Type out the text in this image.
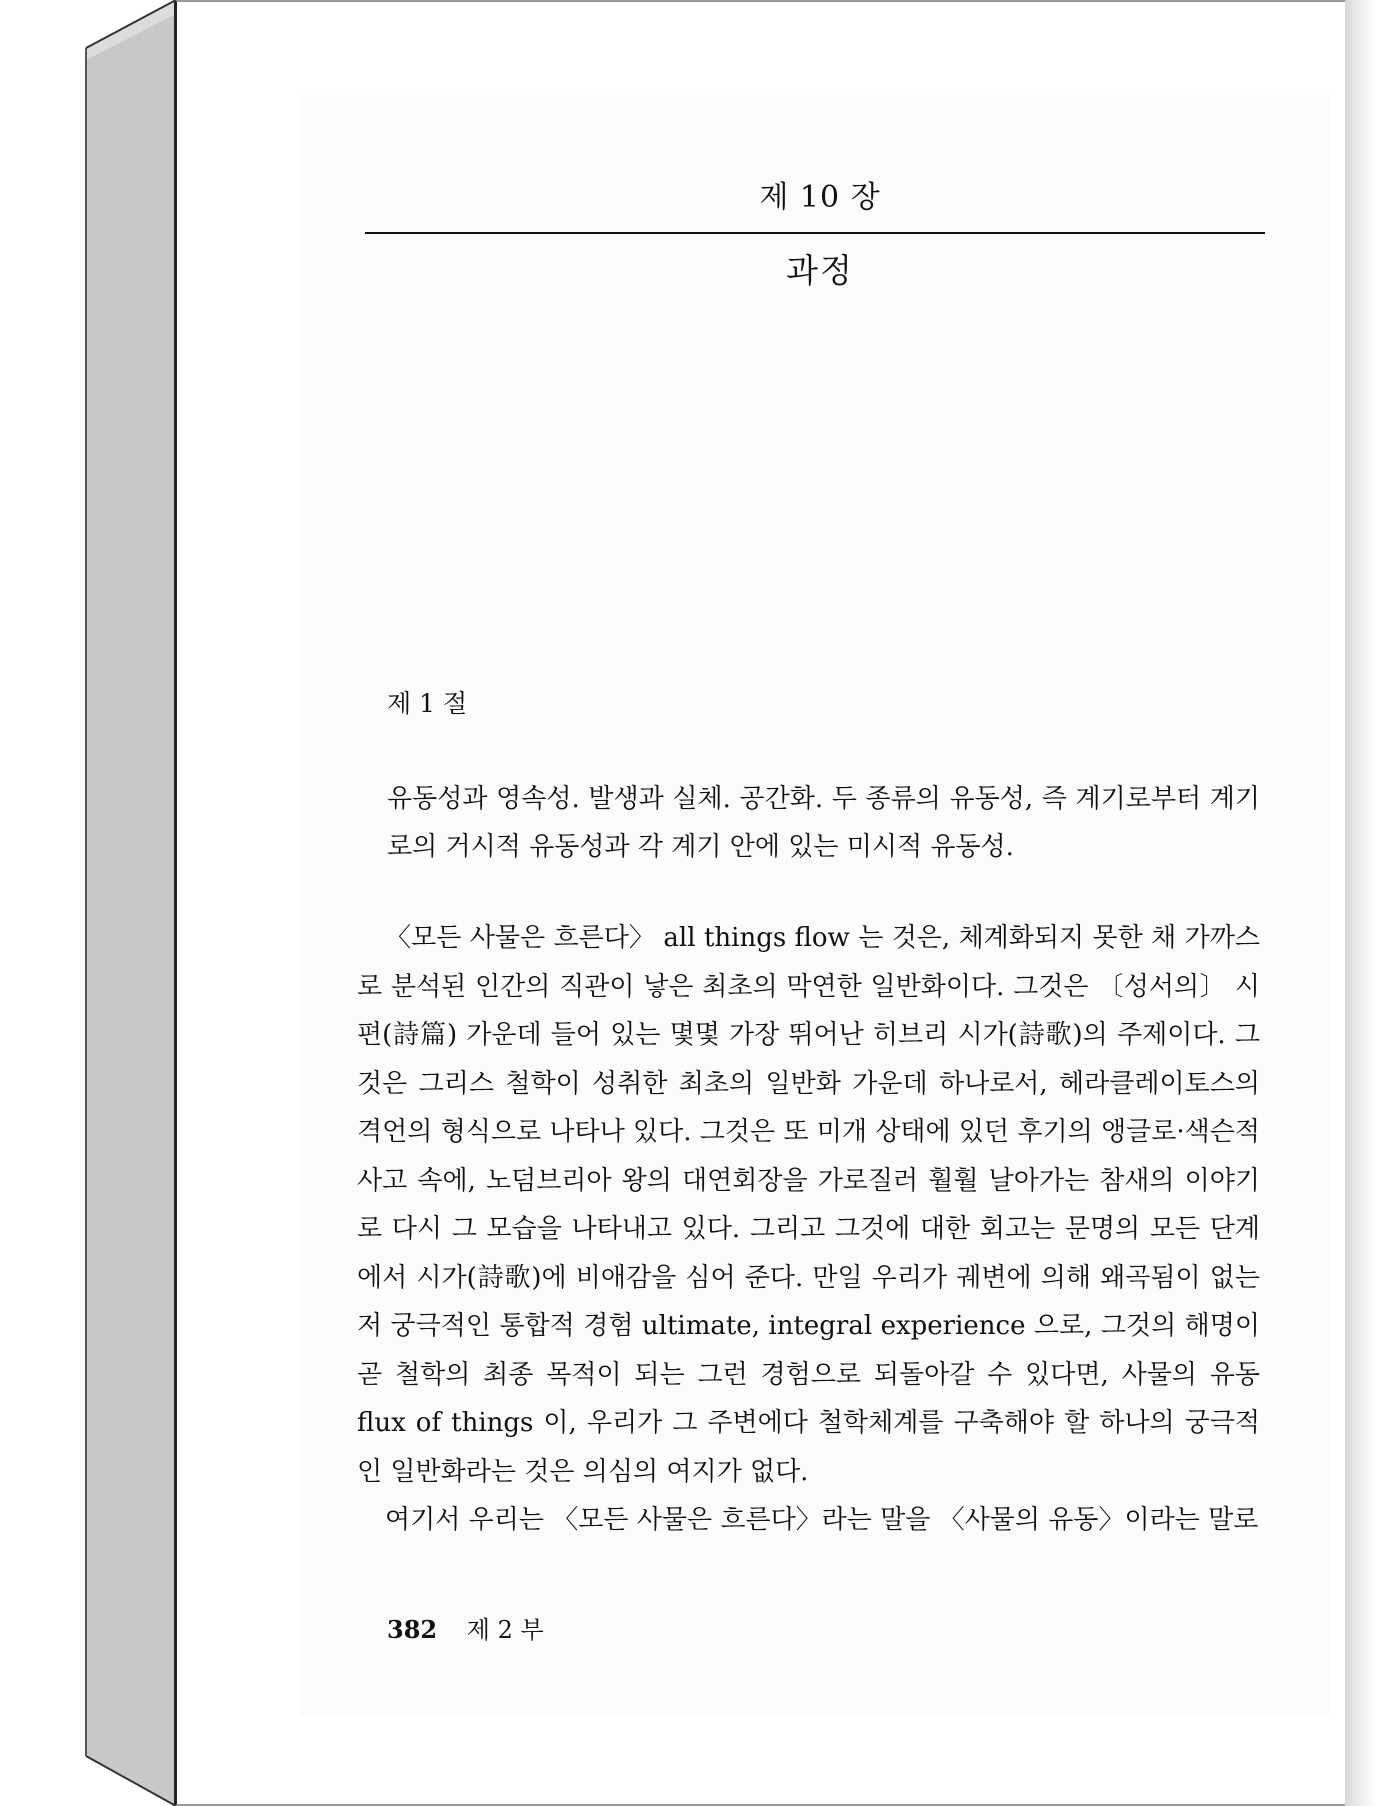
제 10 장
과정
제 1 절
유동성과 영속성. 발생과 실체. 공간화. 두 종류의 유동성, 즉 계기로부터 계기로의 거시적 유동성과 각 계기 안에 있는 미시적 유동성.

〈모든 사물은 흐른다〉 all things flow 는 것은, 체계화되지 못한 채 가까스로 분석된 인간의 직관이 낳은 최초의 막연한 일반화이다. 그것은 〔성서의〕 시편(詩篇) 가운데 들어 있는 몇몇 가장 뛰어난 히브리 시가(詩歌)의 주제이다. 그것은 그리스 철학이 성취한 최초의 일반화 가운데 하나로서, 헤라클레이토스의 격언의 형식으로 나타나 있다. 그것은 또 미개 상태에 있던 후기의 앵글로·색슨적 사고 속에, 노덤브리아 왕의 대연회장을 가로질러 훨훨 날아가는 참새의 이야기로 다시 그 모습을 나타내고 있다. 그리고 그것에 대한 회고는 문명의 모든 단계에서 시가(詩歌)에 비애감을 심어 준다. 만일 우리가 궤변에 의해 왜곡됨이 없는 저 궁극적인 통합적 경험 ultimate, integral experience 으로, 그것의 해명이 곧 철학의 최종 목적이 되는 그런 경험으로 되돌아갈 수 있다면, 사물의 유동 flux of things 이, 우리가 그 주변에다 철학체계를 구축해야 할 하나의 궁극적인 일반화라는 것은 의심의 여지가 없다.

여기서 우리는 〈모든 사물은 흐른다〉라는 말을 〈사물의 유동〉이라는 말로

382 제 2 부
